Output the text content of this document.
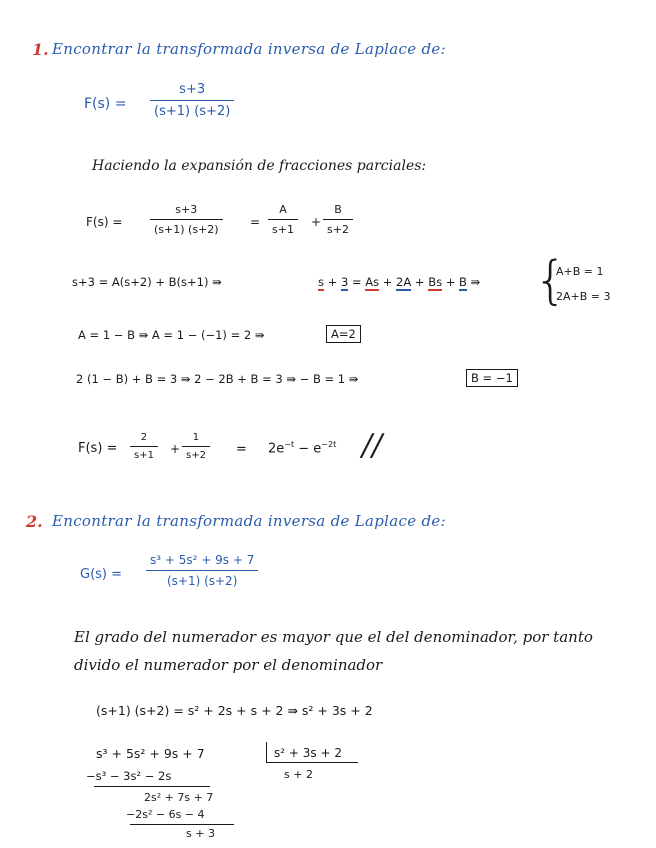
1. Encontrar la transformada inversa de Laplace de:
F(s) =
s+3
(s+1) (s+2)
Haciendo la expansión de fracciones parciales:
F(s) =
s+3
(s+1) (s+2)
=
A
s+1
+
B
s+2
s+3 = A(s+2) + B(s+1) ⇛	s + 3 = As + 2A + Bs + B ⇛ {
A+B = 1
2A+B = 3
A = 1 − B ⇛ A = 1 − (−1) = 2 ⇛	A=2
2 (1 − B) + B = 3 ⇛ 2 − 2B + B = 3 ⇛ − B = 1 ⇛	B = −1
F(s) =
2
s+1	+
1
s+2	= $2e^{-t} - e^{-2t}$ //
2. Encontrar la transformada inversa de Laplace de:
G(s) =
s³ + 5s² + 9s + 7
(s+1) (s+2)
El grado del numerador es mayor que el del denominador, por tanto
divido el numerador por el denominador
(s+1) (s+2) = s² + 2s + s + 2 ⇛ s² + 3s + 2
s³ + 5s² + 9s + 7	s² + 3s + 2
s + 2
−s³ − 3s² − 2s
2s² + 7s + 7
−2s² − 6s − 4
s + 3
